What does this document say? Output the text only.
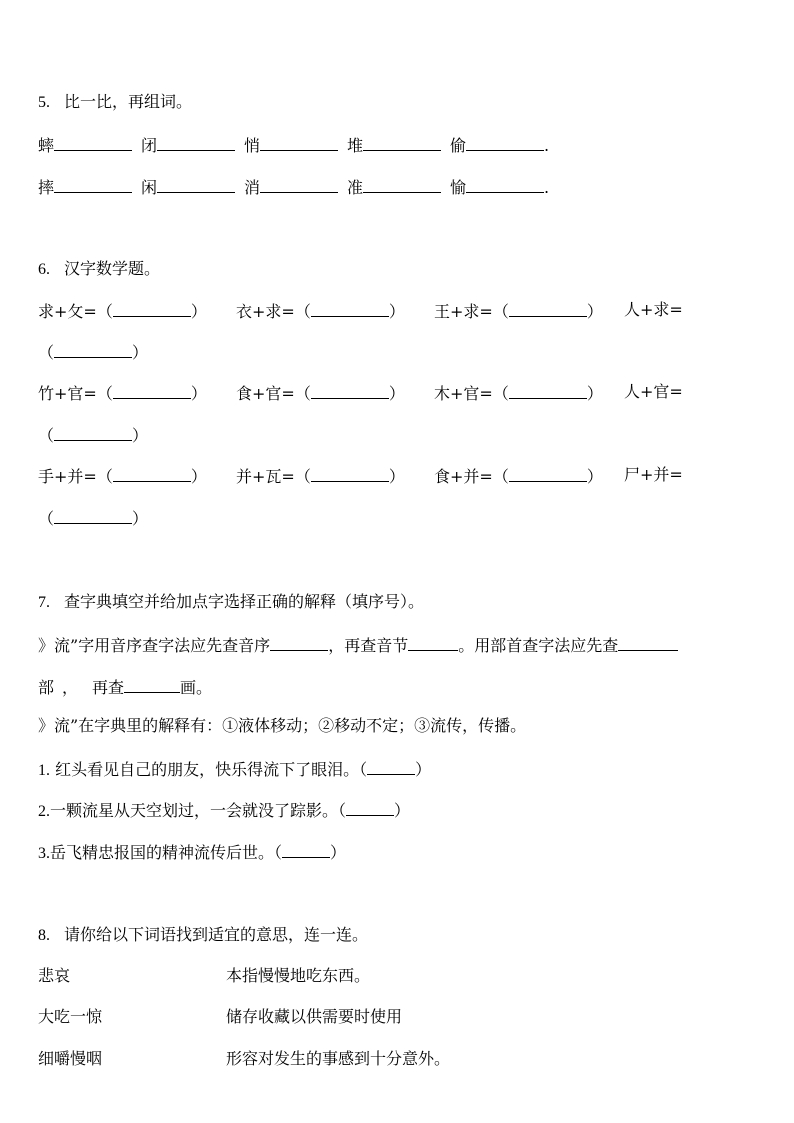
5. 比一比，再组词。
蟀	闭	悄	堆	偷	.
摔	闲	消	准	愉	.
6. 汉字数学题。
求+攵=（	） 衣+求=（	） 王+求=（	） 人+求=
（	）
竹+官=（	） 食+官=（	） 木+官=（	） 人+官=
（	）
手+并=（	） 并+瓦=（	） 食+并=（	） 尸+并=
（	）
7. 查字典填空并给加点字选择正确的解释（填序号）。
》流”字用音序查字法应先查音序	，再查音节	。用部首查字法应先查
部 ， 再查	画。
》流”在字典里的解释有：①液体移动；②移动不定；③流传，传播。
1. 红头看见自己的朋友，快乐得流下了眼泪。（	）
2.一颗流星从天空划过，一会就没了踪影。（	）
3.岳飞精忠报国的精神流传后世。（	）
8. 请你给以下词语找到适宜的意思，连一连。
悲哀	本指慢慢地吃东西。
大吃一惊	储存收藏以供需要时使用
细嚼慢咽	形容对发生的事感到十分意外。
